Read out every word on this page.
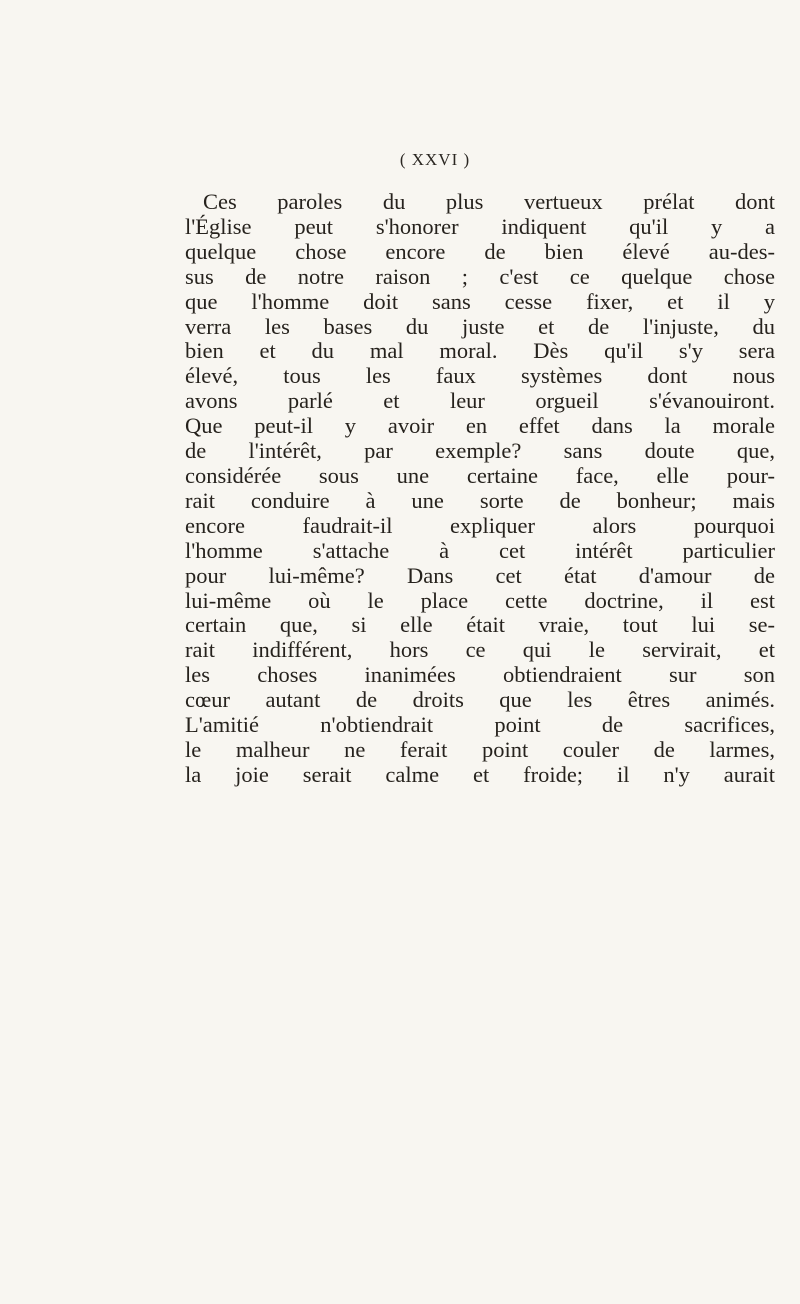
( XXVI )
Ces paroles du plus vertueux prélat dont
l'Église peut s'honorer indiquent qu'il y a
quelque chose encore de bien élevé au-des-
sus de notre raison ; c'est ce quelque chose
que l'homme doit sans cesse fixer, et il y
verra les bases du juste et de l'injuste, du
bien et du mal moral. Dès qu'il s'y sera
élevé, tous les faux systèmes dont nous
avons parlé et leur orgueil s'évanouiront.
Que peut-il y avoir en effet dans la morale
de l'intérêt, par exemple? sans doute que,
considérée sous une certaine face, elle pour-
rait conduire à une sorte de bonheur; mais
encore faudrait-il expliquer alors pourquoi
l'homme s'attache à cet intérêt particulier
pour lui-même? Dans cet état d'amour de
lui-même où le place cette doctrine, il est
certain que, si elle était vraie, tout lui se-
rait indifférent, hors ce qui le servirait, et
les choses inanimées obtiendraient sur son
cœur autant de droits que les êtres animés.
L'amitié n'obtiendrait point de sacrifices,
le malheur ne ferait point couler de larmes,
la joie serait calme et froide; il n'y aurait
